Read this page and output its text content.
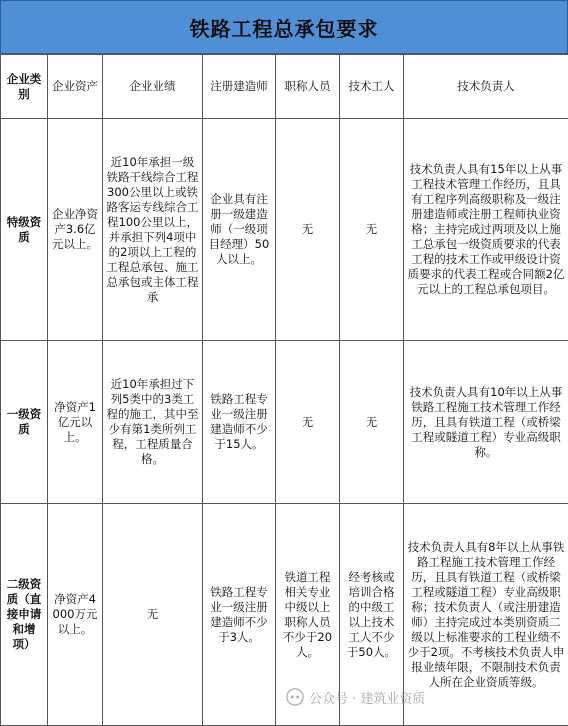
铁路工程总承包要求
企业类别	企业资产	企业业绩	注册建造师	职称人员	技术工人	技术负责人
特级资质	企业净资产3.6亿元以上。	近10年承担一级铁路干线综合工程300公里以上或铁路客运专线综合工程100公里以上，并承担下列4项中的2项以上工程的工程总承包、施工总承包或主体工程承	企业具有注册一级建造师（一级项目经理）50人以上。	无	无	技术负责人具有15年以上从事工程技术管理工作经历，且具有工程序列高级职称及一级注册建造师或注册工程师执业资格；主持完成过两项及以上施工总承包一级资质要求的代表工程的技术工作或甲级设计资质要求的代表工程或合同额2亿元以上的工程总承包项目。
一级资质	净资产1亿元以上。	近10年承担过下列5类中的3类工程的施工，其中至少有第1类所列工程，工程质量合格。	铁路工程专业一级注册建造师不少于15人。	无	无	技术负责人具有10年以上从事铁路工程施工技术管理工作经历，且具有铁道工程（或桥梁工程或隧道工程）专业高级职称。
二级资质（直接申请和增项）	净资产4000万元以上。	无	铁路工程专业一级注册建造师不少于3人。	铁道工程相关专业中级以上职称人员不少于20人。	经考核或培训合格的中级工以上技术工人不少于50人。	技术负责人具有8年以上从事铁路工程施工技术管理工作经历，且具有铁道工程（或桥梁工程或隧道工程）专业高级职称；技术负责人（或注册建造师）主持完成过本类别资质二级以上标准要求的工程业绩不少于2项。不考核技术负责人申报业绩年限，不限制技术负责人所在企业资质等级。
公众号 · 建筑业资质
